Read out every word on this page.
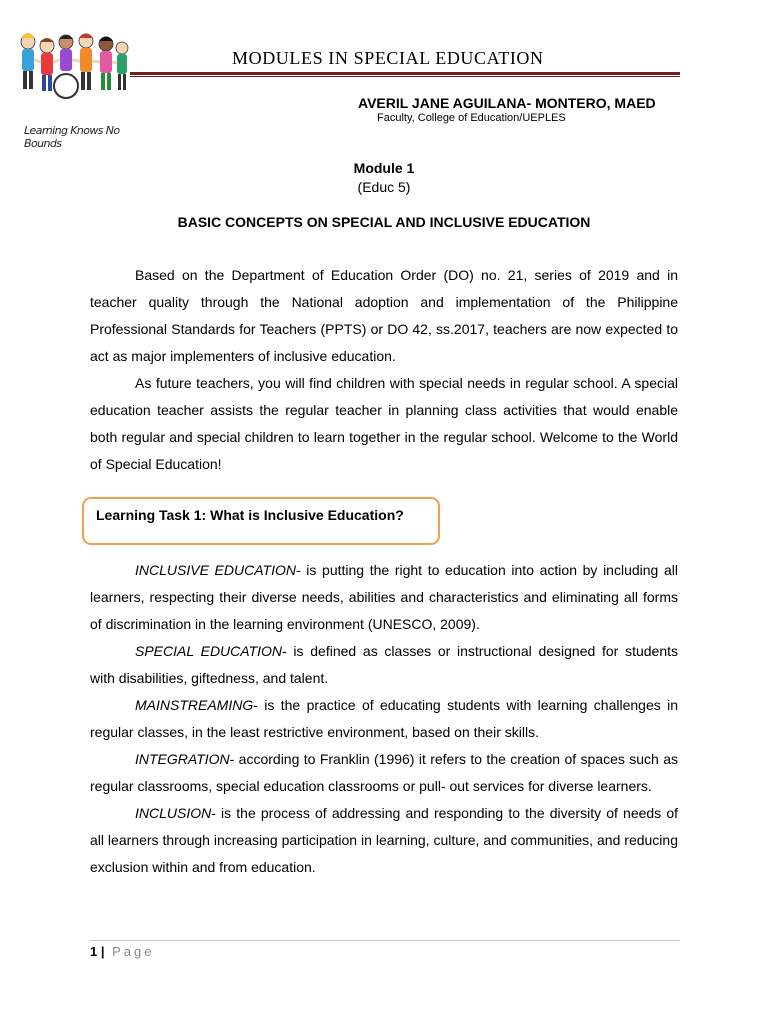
Learning Knows No Bounds
MODULES IN SPECIAL EDUCATION
AVERIL JANE AGUILANA- MONTERO, MAED
Faculty, College of Education/UEPLES
Module 1
(Educ 5)
BASIC CONCEPTS ON SPECIAL AND INCLUSIVE EDUCATION

Based on the Department of Education Order (DO) no. 21, series of 2019 and in teacher quality through the National adoption and implementation of the Philippine Professional Standards for Teachers (PPTS) or DO 42, ss.2017, teachers are now expected to act as major implementers of inclusive education.

As future teachers, you will find children with special needs in regular school. A special education teacher assists the regular teacher in planning class activities that would enable both regular and special children to learn together in the regular school. Welcome to the World of Special Education!

Learning Task 1: What is Inclusive Education?

INCLUSIVE EDUCATION- is putting the right to education into action by including all learners, respecting their diverse needs, abilities and characteristics and eliminating all forms of discrimination in the learning environment (UNESCO, 2009).

SPECIAL EDUCATION- is defined as classes or instructional designed for students with disabilities, giftedness, and talent.

MAINSTREAMING- is the practice of educating students with learning challenges in regular classes, in the least restrictive environment, based on their skills.

INTEGRATION- according to Franklin (1996) it refers to the creation of spaces such as regular classrooms, special education classrooms or pull- out services for diverse learners.

INCLUSION- is the process of addressing and responding to the diversity of needs of all learners through increasing participation in learning, culture, and communities, and reducing exclusion within and from education.

1 | Page
